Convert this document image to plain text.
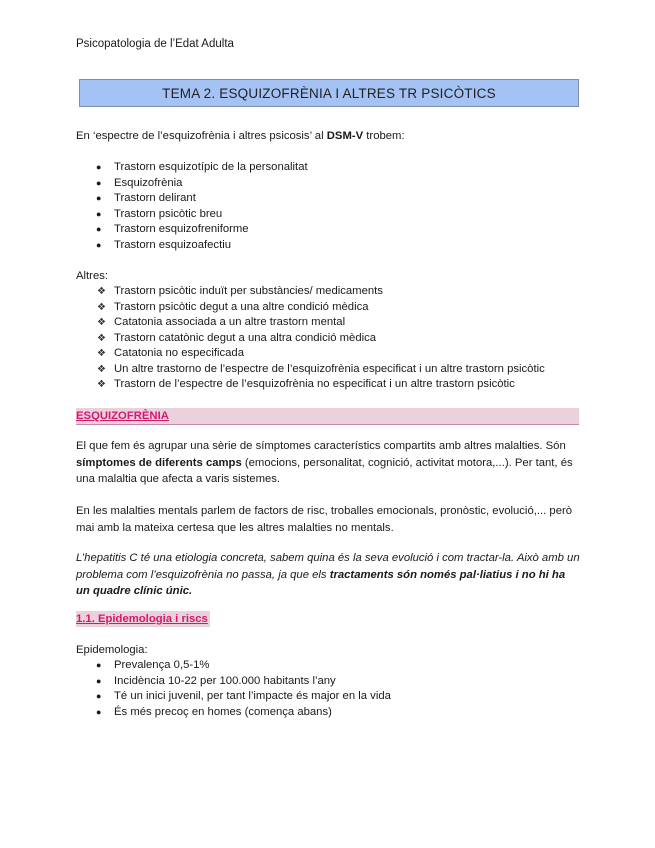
Psicopatologia de l’Edat Adulta
TEMA 2. ESQUIZOFRÈNIA I ALTRES TR PSICÒTICS

En ‘espectre de l’esquizofrènia i altres psicosis’ al DSM-V trobem:

● Trastorn esquizotípic de la personalitat
● Esquizofrènia
● Trastorn delirant
● Trastorn psicòtic breu
● Trastorn esquizofreniforme
● Trastorn esquizoafectiu
Altres:
❖ Trastorn psicòtic induït per substàncies/ medicaments
❖ Trastorn psicòtic degut a una altre condició mèdica
❖ Catatonia associada a un altre trastorn mental
❖ Trastorn catatònic degut a una altra condició mèdica
❖ Catatonia no especificada
❖ Un altre trastorno de l’espectre de l’esquizofrènia especificat i un altre trastorn psicòtic
❖ Trastorn de l’espectre de l’esquizofrènia no especificat i un altre trastorn psicòtic
ESQUIZOFRÈNIA

El que fem és agrupar una sèrie de símptomes característics compartits amb altres malalties. Són símptomes de diferents camps (emocions, personalitat, cognició, activitat motora,...). Per tant, és una malaltia que afecta a varis sistemes.

En les malalties mentals parlem de factors de risc, troballes emocionals, pronòstic, evolució,... però mai amb la mateixa certesa que les altres malalties no mentals.

L’hepatitis C té una etiologia concreta, sabem quina és la seva evolució i com tractar-la. Això amb un problema com l’esquizofrènia no passa, ja que els tractaments són només pal·liatius i no hi ha un quadre clínic únic.

1.1. Epidemologia i riscs
Epidemologia:
● Prevalença 0,5-1%
● Incidència 10-22 per 100.000 habitants l’any
● Té un inici juvenil, per tant l’impacte és major en la vida
● És més precoç en homes (comença abans)
